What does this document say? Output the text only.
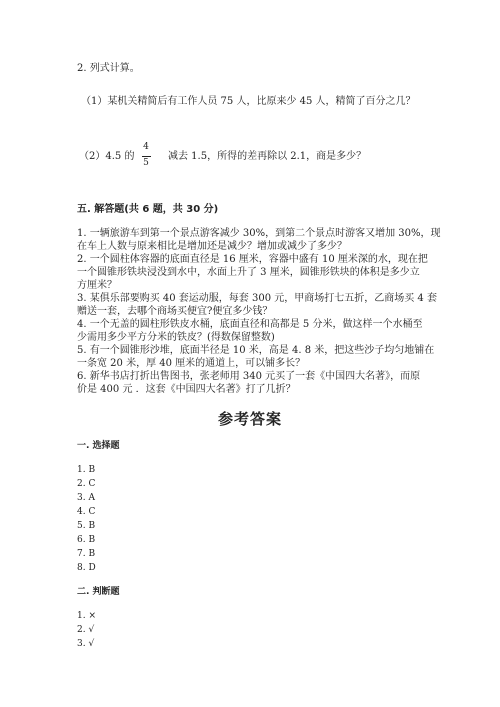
2. 列式计算。
（1）某机关精简后有工作人员 75 人，比原来少 45 人，精简了百分之几？
（2）4.5 的
4
5
减去 1.5，所得的差再除以 2.1，商是多少？
五. 解答题(共 6 题，共 30 分)
1. 一辆旅游车到第一个景点游客减少 30%，到第二个景点时游客又增加 30%，现
在车上人数与原来相比是增加还是减少？增加或减少了多少？
2. 一个圆柱体容器的底面直径是 16 厘米，容器中盛有 10 厘米深的水，现在把
一个圆锥形铁块浸没到水中，水面上升了 3 厘米，圆锥形铁块的体积是多少立
方厘米？
3. 某俱乐部要购买 40 套运动服，每套 300 元，甲商场打七五折，乙商场买 4 套
赠送一套，去哪个商场买便宜?便宜多少钱？
4. 一个无盖的圆柱形铁皮水桶，底面直径和高都是 5 分米，做这样一个水桶至
少需用多少平方分米的铁皮？(得数保留整数)
5. 有一个圆锥形沙堆，底面半径是 10 米，高是 4. 8 米，把这些沙子均匀地铺在
一条宽 20 米，厚 40 厘米的通道上，可以铺多长？
6. 新华书店打折出售图书，张老师用 340 元买了一套《中国四大名著》，而原
价是 400 元 ．这套《中国四大名著》打了几折？
参考答案
一. 选择题
1. B
2. C
3. A
4. C
5. B
6. B
7. B
8. D
二. 判断题
1. ×
2. √
3. √
